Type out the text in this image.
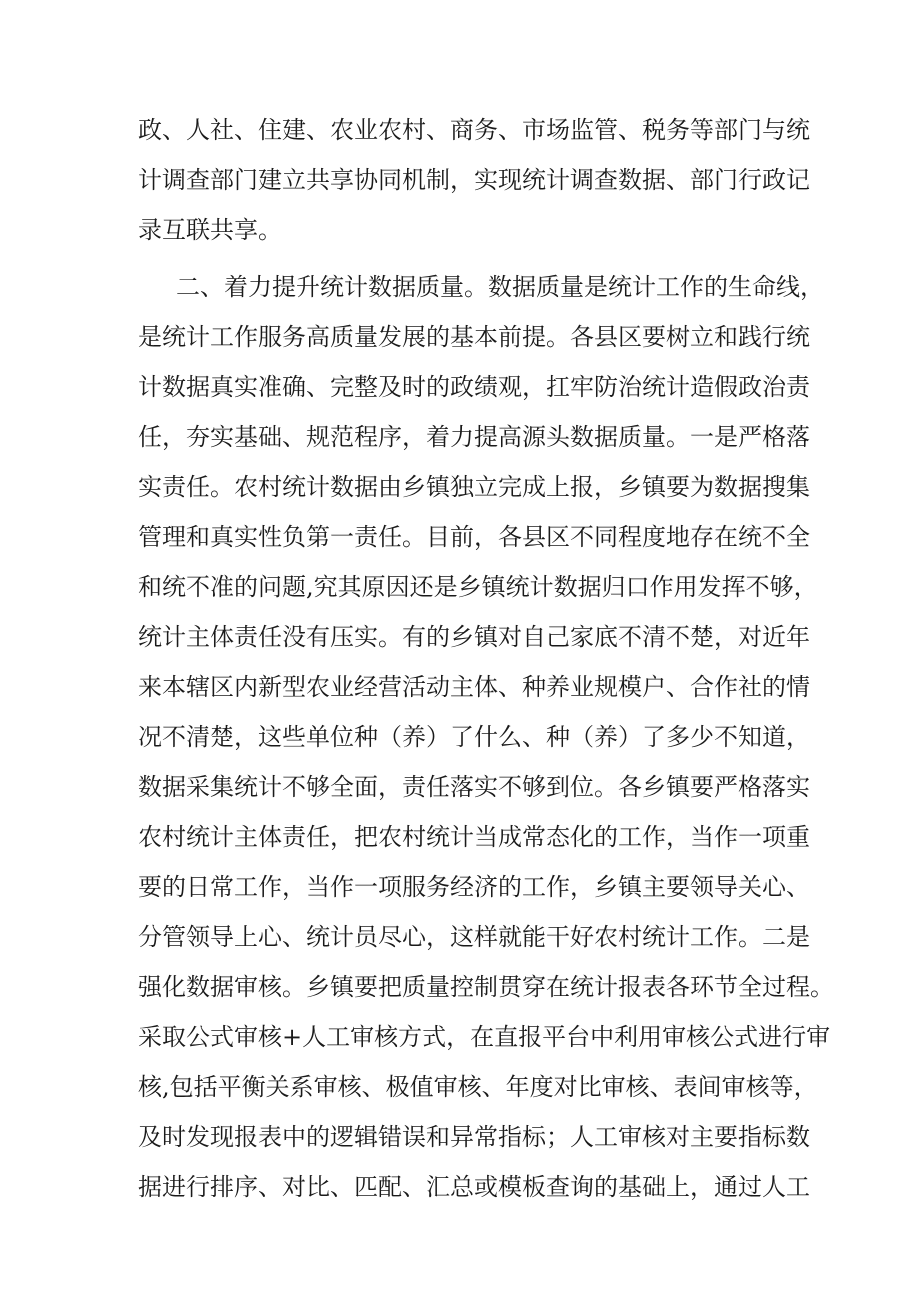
政、人社、住建、农业农村、商务、市场监管、税务等部门与统
计调查部门建立共享协同机制，实现统计调查数据、部门行政记
录互联共享。
二、着力提升统计数据质量。数据质量是统计工作的生命线，
是统计工作服务高质量发展的基本前提。各县区要树立和践行统
计数据真实准确、完整及时的政绩观，扛牢防治统计造假政治责
任，夯实基础、规范程序，着力提高源头数据质量。一是严格落
实责任。农村统计数据由乡镇独立完成上报，乡镇要为数据搜集
管理和真实性负第一责任。目前，各县区不同程度地存在统不全
和统不准的问题,究其原因还是乡镇统计数据归口作用发挥不够，
统计主体责任没有压实。有的乡镇对自己家底不清不楚，对近年
来本辖区内新型农业经营活动主体、种养业规模户、合作社的情
况不清楚，这些单位种（养）了什么、种（养）了多少不知道，
数据采集统计不够全面，责任落实不够到位。各乡镇要严格落实
农村统计主体责任，把农村统计当成常态化的工作，当作一项重
要的日常工作，当作一项服务经济的工作，乡镇主要领导关心、
分管领导上心、统计员尽心，这样就能干好农村统计工作。二是
强化数据审核。乡镇要把质量控制贯穿在统计报表各环节全过程。
采取公式审核+人工审核方式，在直报平台中利用审核公式进行审
核,包括平衡关系审核、极值审核、年度对比审核、表间审核等，
及时发现报表中的逻辑错误和异常指标；人工审核对主要指标数
据进行排序、对比、匹配、汇总或模板查询的基础上，通过人工
